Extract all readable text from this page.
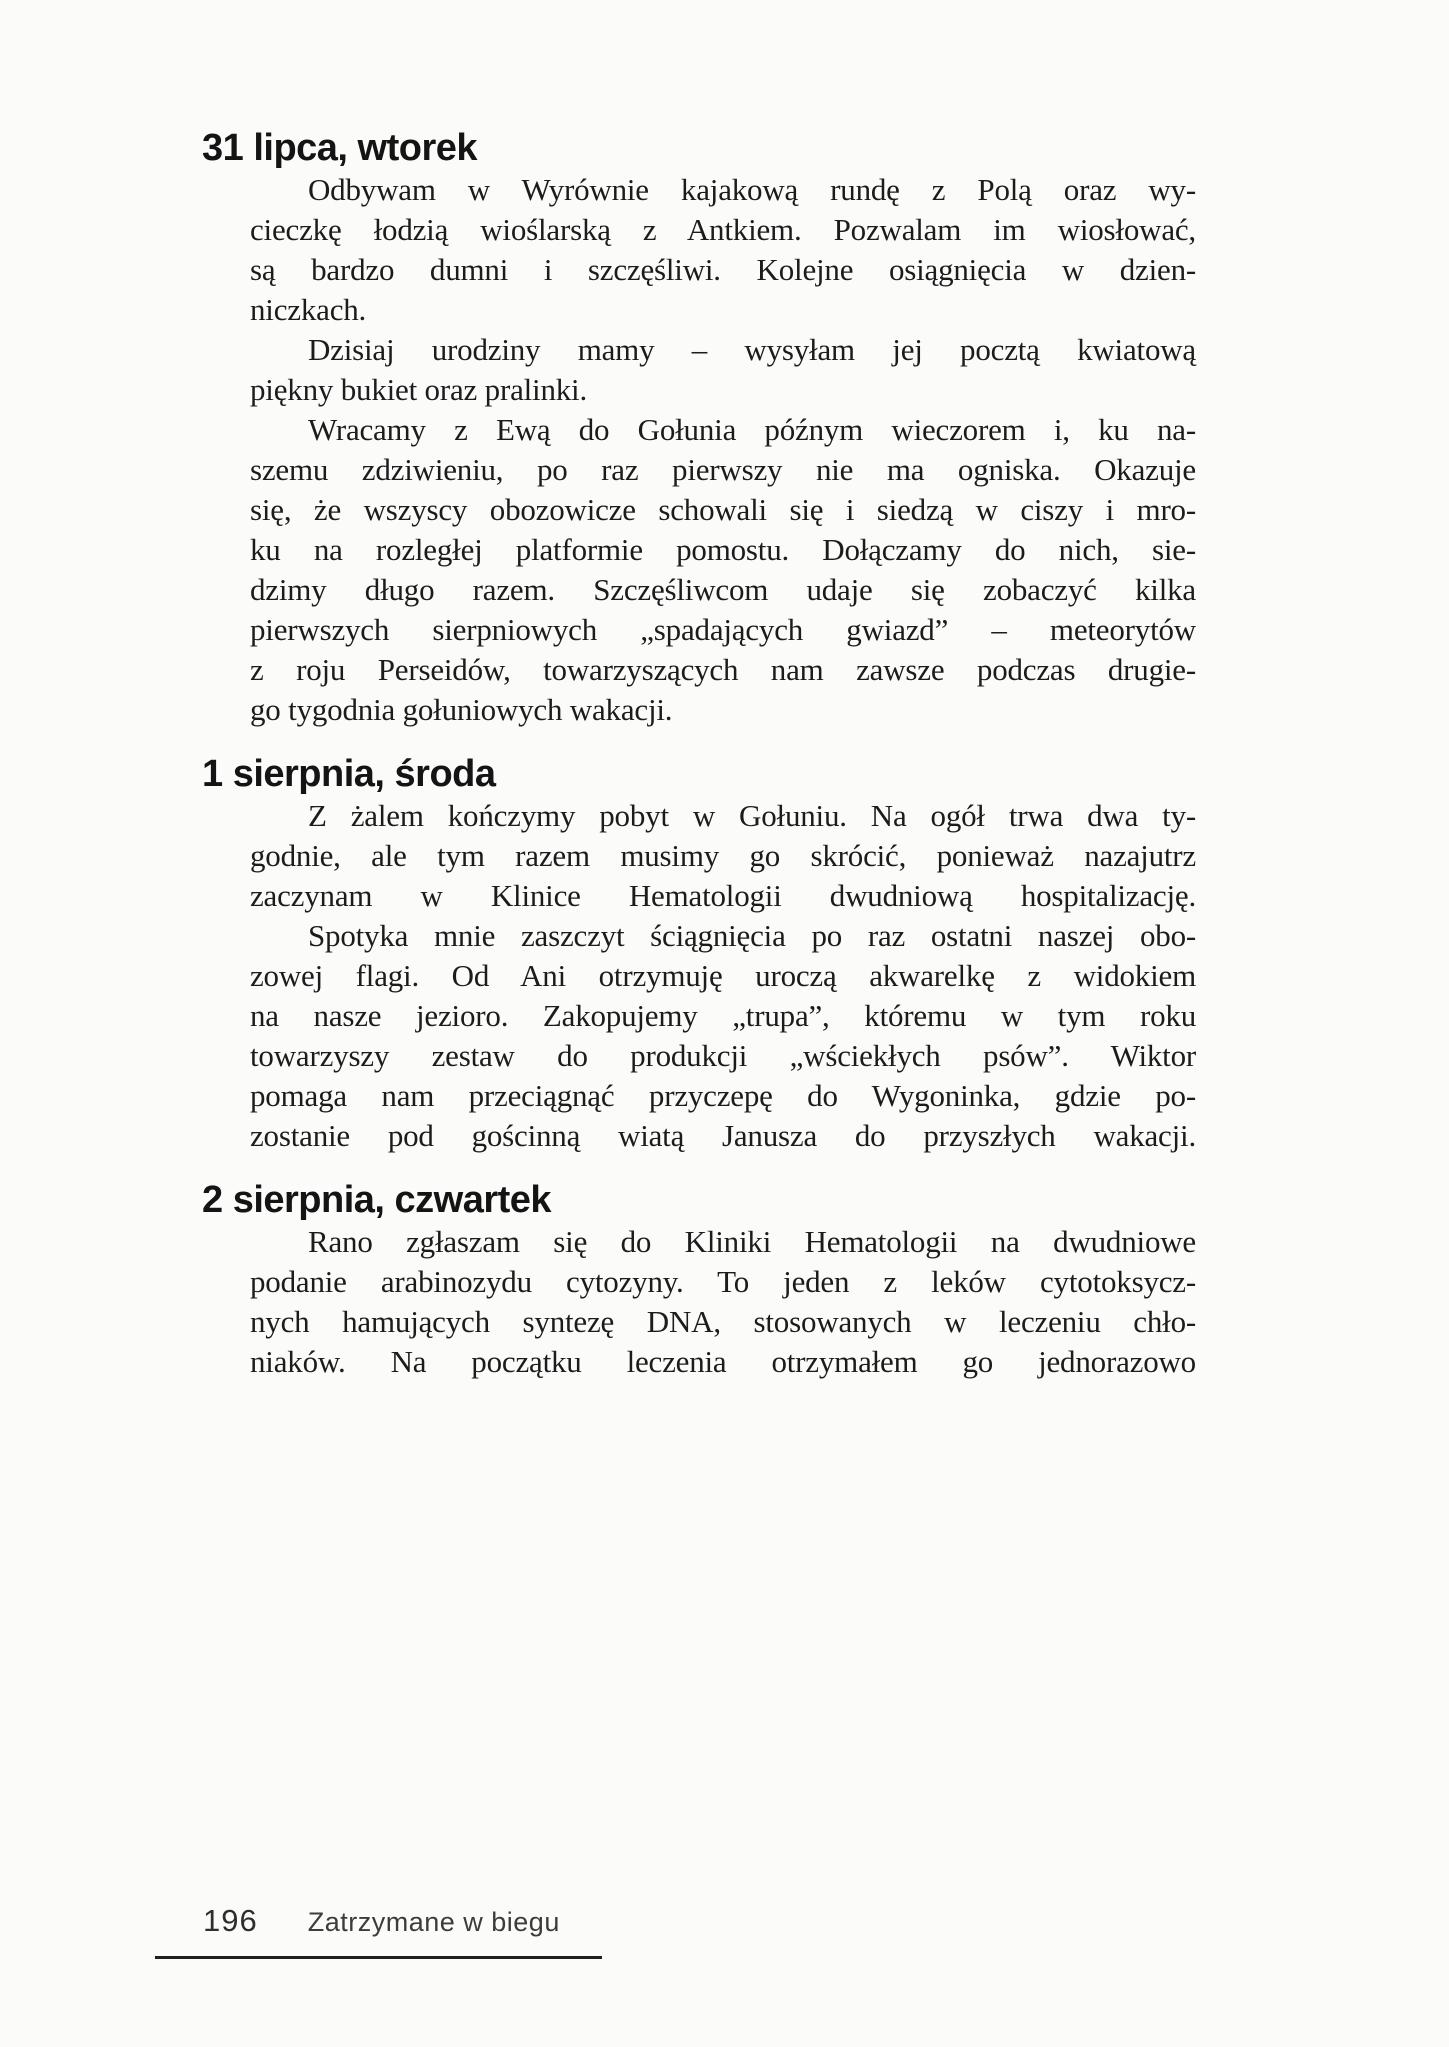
31 lipca, wtorek
Odbywam w Wyrównie kajakową rundę z Polą oraz wy-
cieczkę łodzią wioślarską z Antkiem. Pozwalam im wiosłować,
są bardzo dumni i szczęśliwi. Kolejne osiągnięcia w dzien-
niczkach.
Dzisiaj urodziny mamy – wysyłam jej pocztą kwiatową
piękny bukiet oraz pralinki.
Wracamy z Ewą do Gołunia późnym wieczorem i, ku na-
szemu zdziwieniu, po raz pierwszy nie ma ogniska. Okazuje
się, że wszyscy obozowicze schowali się i siedzą w ciszy i mro-
ku na rozległej platformie pomostu. Dołączamy do nich, sie-
dzimy długo razem. Szczęśliwcom udaje się zobaczyć kilka
pierwszych sierpniowych „spadających gwiazd” – meteorytów
z roju Perseidów, towarzyszących nam zawsze podczas drugie-
go tygodnia gołuniowych wakacji.
1 sierpnia, środa
Z żalem kończymy pobyt w Gołuniu. Na ogół trwa dwa ty-
godnie, ale tym razem musimy go skrócić, ponieważ nazajutrz
zaczynam w Klinice Hematologii dwudniową hospitalizację.
Spotyka mnie zaszczyt ściągnięcia po raz ostatni naszej obo-
zowej flagi. Od Ani otrzymuję uroczą akwarelkę z widokiem
na nasze jezioro. Zakopujemy „trupa”, któremu w tym roku
towarzyszy zestaw do produkcji „wściekłych psów”. Wiktor
pomaga nam przeciągnąć przyczepę do Wygoninka, gdzie po-
zostanie pod gościnną wiatą Janusza do przyszłych wakacji.
2 sierpnia, czwartek
Rano zgłaszam się do Kliniki Hematologii na dwudniowe
podanie arabinozydu cytozyny. To jeden z leków cytotoksycz-
nych hamujących syntezę DNA, stosowanych w leczeniu chło-
niaków. Na początku leczenia otrzymałem go jednorazowo
196 Zatrzymane w biegu
